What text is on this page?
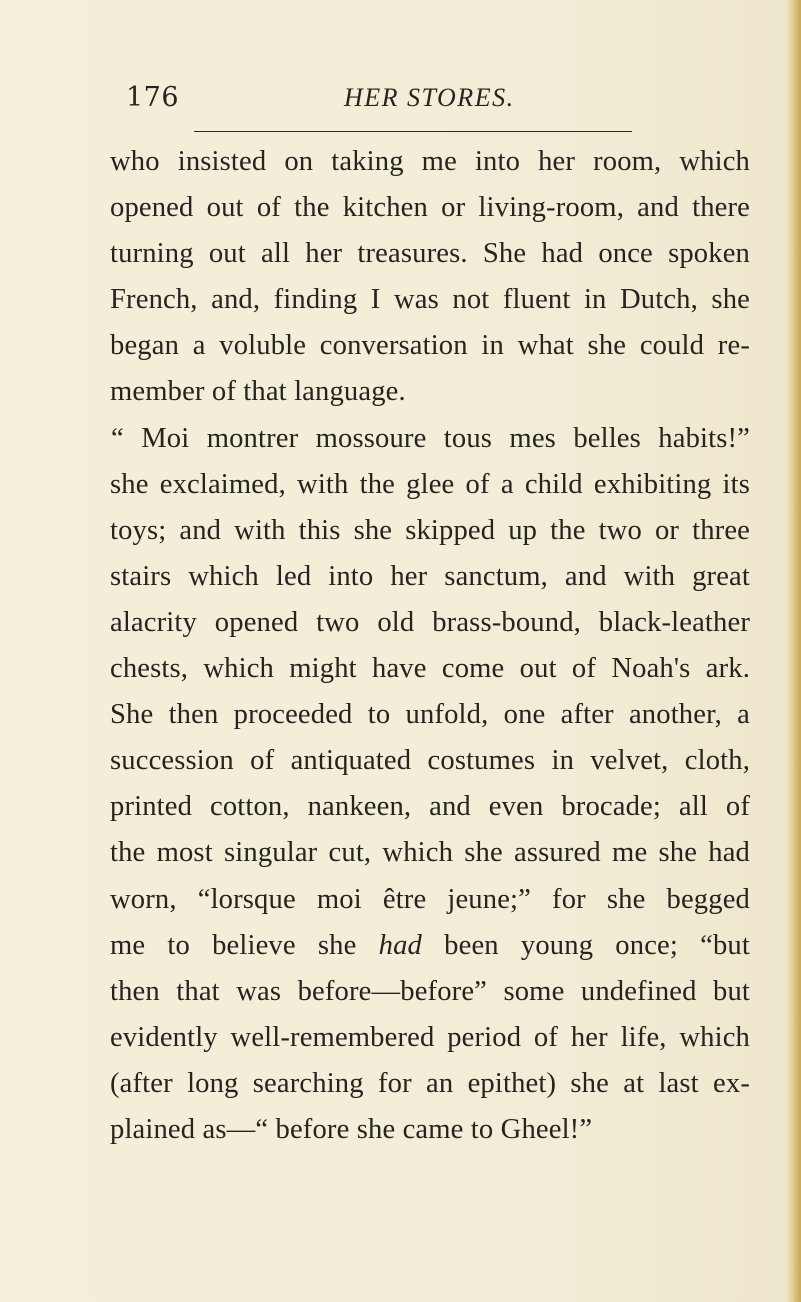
176	HER STORES.
who insisted on taking me into her room, which
opened out of the kitchen or living-room, and there
turning out all her treasures. She had once spoken
French, and, finding I was not fluent in Dutch, she
began a voluble conversation in what she could re-
member of that language.
“ Moi montrer mossoure tous mes belles habits!”
she exclaimed, with the glee of a child exhibiting its
toys; and with this she skipped up the two or three
stairs which led into her sanctum, and with great
alacrity opened two old brass-bound, black-leather
chests, which might have come out of Noah's ark.
She then proceeded to unfold, one after another, a
succession of antiquated costumes in velvet, cloth,
printed cotton, nankeen, and even brocade; all of
the most singular cut, which she assured me she had
worn, “lorsque moi être jeune;” for she begged
me to believe she had been young once; “but
then that was before—before” some undefined but
evidently well-remembered period of her life, which
(after long searching for an epithet) she at last ex-
plained as—“ before she came to Gheel!”
